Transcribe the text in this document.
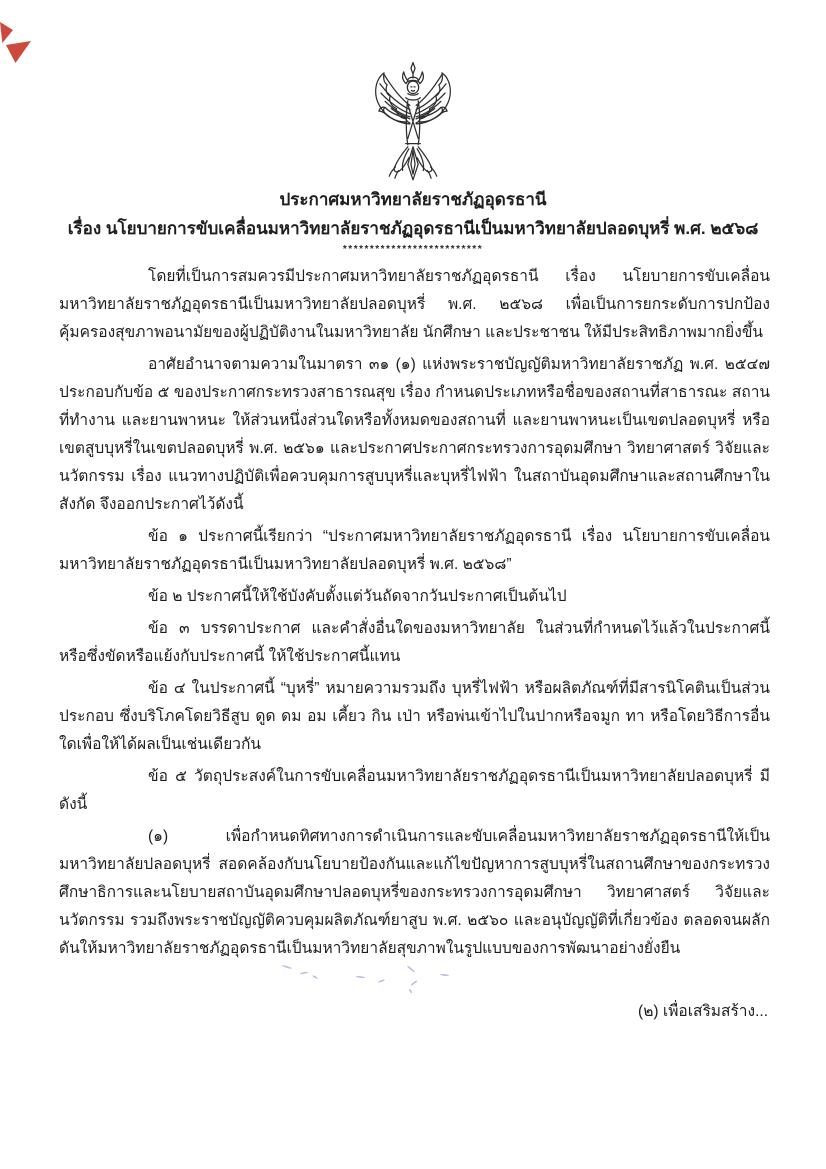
ประกาศมหาวิทยาลัยราชภัฏอุดรธานี
เรื่อง นโยบายการขับเคลื่อนมหาวิทยาลัยราชภัฏอุดรธานีเป็นมหาวิทยาลัยปลอดบุหรี่ พ.ศ. ๒๕๖๘
**************************

โดยที่เป็นการสมควรมีประกาศมหาวิทยาลัยราชภัฏอุดรธานี เรื่อง นโยบายการขับเคลื่อนมหาวิทยาลัยราชภัฏอุดรธานีเป็นมหาวิทยาลัยปลอดบุหรี่ พ.ศ. ๒๕๖๘ เพื่อเป็นการยกระดับการปกป้องคุ้มครองสุขภาพอนามัยของผู้ปฏิบัติงานในมหาวิทยาลัย นักศึกษา และประชาชน ให้มีประสิทธิภาพมากยิ่งขึ้น

อาศัยอำนาจตามความในมาตรา ๓๑ (๑) แห่งพระราชบัญญัติมหาวิทยาลัยราชภัฏ พ.ศ. ๒๕๔๗ ประกอบกับข้อ ๕ ของประกาศกระทรวงสาธารณสุข เรื่อง กำหนดประเภทหรือชื่อของสถานที่สาธารณะ สถานที่ทำงาน และยานพาหนะ ให้ส่วนหนึ่งส่วนใดหรือทั้งหมดของสถานที่ และยานพาหนะเป็นเขตปลอดบุหรี่ หรือเขตสูบบุหรี่ในเขตปลอดบุหรี่ พ.ศ. ๒๕๖๑ และประกาศประกาศกระทรวงการอุดมศึกษา วิทยาศาสตร์ วิจัยและนวัตกรรม เรื่อง แนวทางปฏิบัติเพื่อควบคุมการสูบบุหรี่และบุหรี่ไฟฟ้า ในสถาบันอุดมศึกษาและสถานศึกษาในสังกัด จึงออกประกาศไว้ดังนี้

ข้อ ๑ ประกาศนี้เรียกว่า “ประกาศมหาวิทยาลัยราชภัฏอุดรธานี เรื่อง นโยบายการขับเคลื่อนมหาวิทยาลัยราชภัฏอุดรธานีเป็นมหาวิทยาลัยปลอดบุหรี่ พ.ศ. ๒๕๖๘”

ข้อ ๒ ประกาศนี้ให้ใช้บังคับตั้งแต่วันถัดจากวันประกาศเป็นต้นไป

ข้อ ๓ บรรดาประกาศ และคำสั่งอื่นใดของมหาวิทยาลัย ในส่วนที่กำหนดไว้แล้วในประกาศนี้ หรือซึ่งขัดหรือแย้งกับประกาศนี้ ให้ใช้ประกาศนี้แทน

ข้อ ๔ ในประกาศนี้ “บุหรี่” หมายความรวมถึง บุหรี่ไฟฟ้า หรือผลิตภัณฑ์ที่มีสารนิโคตินเป็นส่วนประกอบ ซึ่งบริโภคโดยวิธีสูบ ดูด ดม อม เคี้ยว กิน เป่า หรือพ่นเข้าไปในปากหรือจมูก ทา หรือโดยวิธีการอื่นใดเพื่อให้ได้ผลเป็นเช่นเดียวกัน

ข้อ ๕ วัตถุประสงค์ในการขับเคลื่อนมหาวิทยาลัยราชภัฏอุดรธานีเป็นมหาวิทยาลัยปลอดบุหรี่ มีดังนี้

(๑) เพื่อกำหนดทิศทางการดำเนินการและขับเคลื่อนมหาวิทยาลัยราชภัฏอุดรธานีให้เป็นมหาวิทยาลัยปลอดบุหรี่ สอดคล้องกับนโยบายป้องกันและแก้ไขปัญหาการสูบบุหรี่ในสถานศึกษาของกระทรวงศึกษาธิการและนโยบายสถาบันอุดมศึกษาปลอดบุหรี่ของกระทรวงการอุดมศึกษา วิทยาศาสตร์ วิจัยและนวัตกรรม รวมถึงพระราชบัญญัติควบคุมผลิตภัณฑ์ยาสูบ พ.ศ. ๒๕๖๐ และอนุบัญญัติที่เกี่ยวข้อง ตลอดจนผลักดันให้มหาวิทยาลัยราชภัฏอุดรธานีเป็นมหาวิทยาลัยสุขภาพในรูปแบบของการพัฒนาอย่างยั่งยืน

(๒) เพื่อเสริมสร้าง...
